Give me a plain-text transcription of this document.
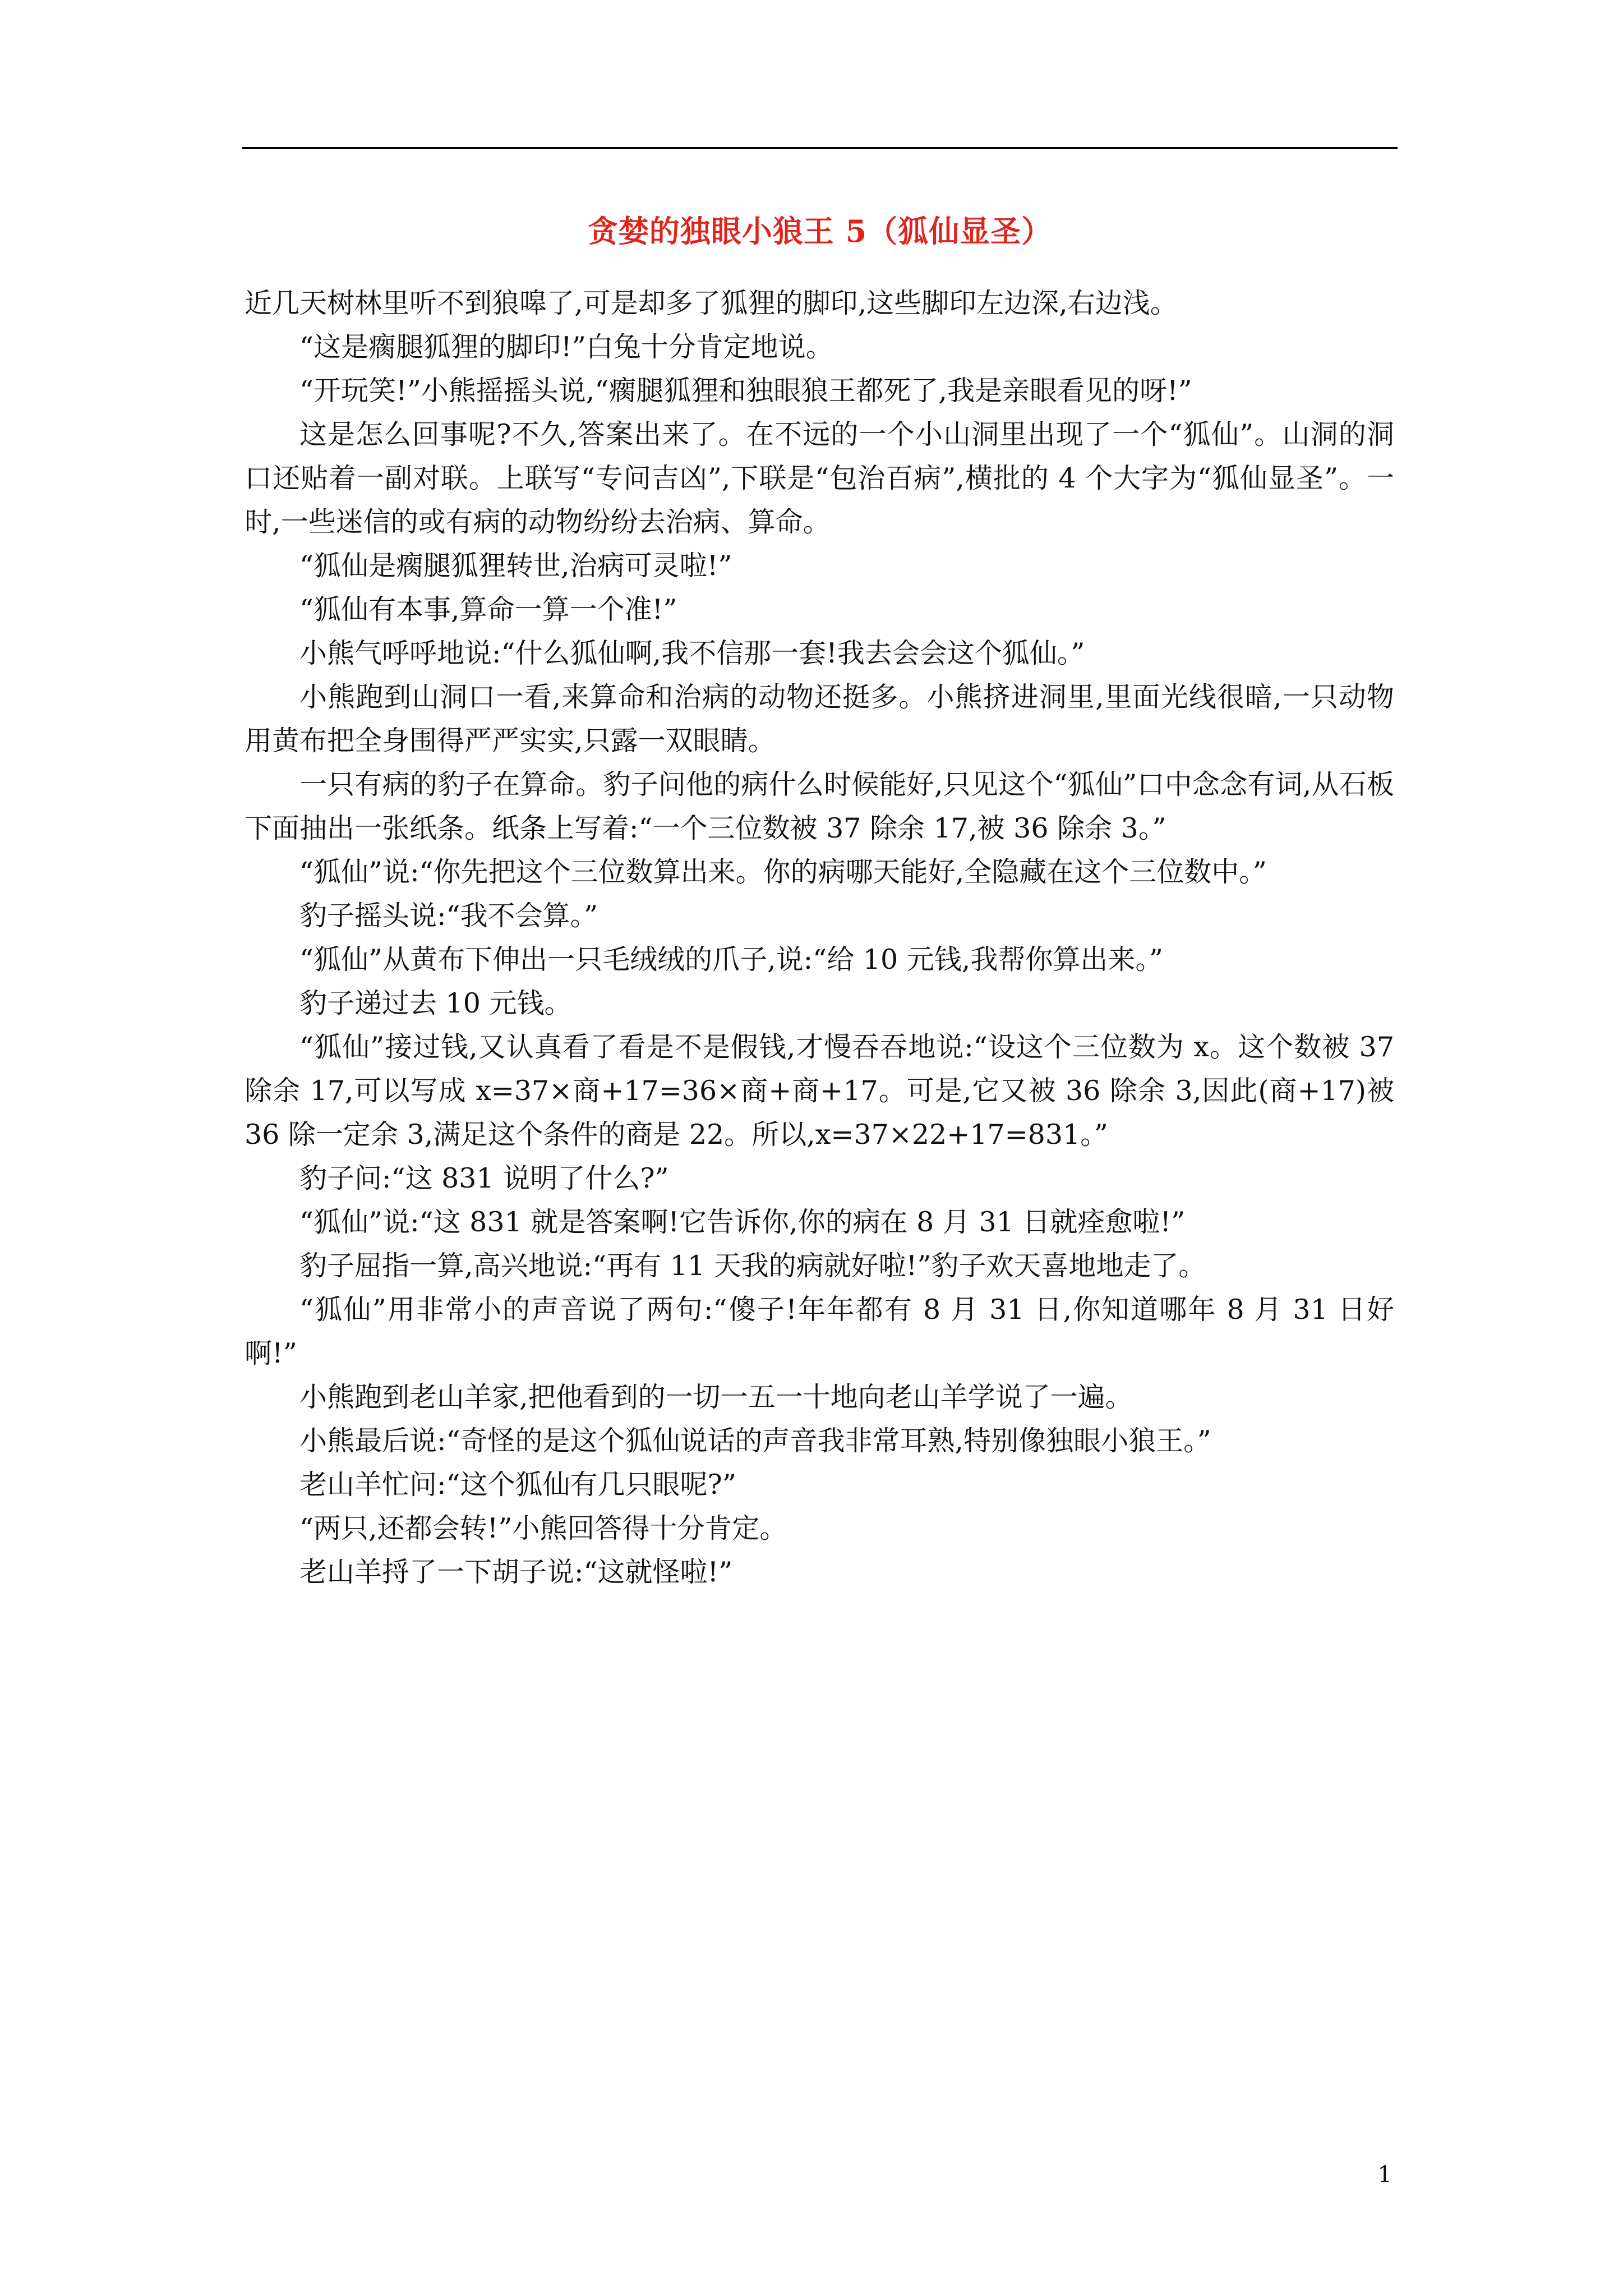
贪婪的独眼小狼王 5（狐仙显圣）

近几天树林里听不到狼嗥了,可是却多了狐狸的脚印,这些脚印左边深,右边浅。

“这是瘸腿狐狸的脚印!”白兔十分肯定地说。

“开玩笑!”小熊摇摇头说,“瘸腿狐狸和独眼狼王都死了,我是亲眼看见的呀!”

这是怎么回事呢?不久,答案出来了。在不远的一个小山洞里出现了一个“狐仙”。山洞的洞口还贴着一副对联。上联写“专问吉凶”,下联是“包治百病”,横批的 4 个大字为“狐仙显圣”。一时,一些迷信的或有病的动物纷纷去治病、算命。

“狐仙是瘸腿狐狸转世,治病可灵啦!”

“狐仙有本事,算命一算一个准!”

小熊气呼呼地说:“什么狐仙啊,我不信那一套!我去会会这个狐仙。”

小熊跑到山洞口一看,来算命和治病的动物还挺多。小熊挤进洞里,里面光线很暗,一只动物用黄布把全身围得严严实实,只露一双眼睛。

一只有病的豹子在算命。豹子问他的病什么时候能好,只见这个“狐仙”口中念念有词,从石板下面抽出一张纸条。纸条上写着:“一个三位数被 37 除余 17,被 36 除余 3。”

“狐仙”说:“你先把这个三位数算出来。你的病哪天能好,全隐藏在这个三位数中。”

豹子摇头说:“我不会算。”

“狐仙”从黄布下伸出一只毛绒绒的爪子,说:“给 10 元钱,我帮你算出来。”

豹子递过去 10 元钱。

“狐仙”接过钱,又认真看了看是不是假钱,才慢吞吞地说:“设这个三位数为 x。这个数被 37 除余 17,可以写成 x=37×商+17=36×商+商+17。可是,它又被 36 除余 3,因此(商+17)被 36 除一定余 3,满足这个条件的商是 22。所以,x=37×22+17=831。”

豹子问:“这 831 说明了什么?”

“狐仙”说:“这 831 就是答案啊!它告诉你,你的病在 8 月 31 日就痊愈啦!”

豹子屈指一算,高兴地说:“再有 11 天我的病就好啦!”豹子欢天喜地地走了。

“狐仙”用非常小的声音说了两句:“傻子!年年都有 8 月 31 日,你知道哪年 8 月 31 日好啊!”

小熊跑到老山羊家,把他看到的一切一五一十地向老山羊学说了一遍。

小熊最后说:“奇怪的是这个狐仙说话的声音我非常耳熟,特别像独眼小狼王。”

老山羊忙问:“这个狐仙有几只眼呢?”

“两只,还都会转!”小熊回答得十分肯定。

老山羊捋了一下胡子说:“这就怪啦!”

1
